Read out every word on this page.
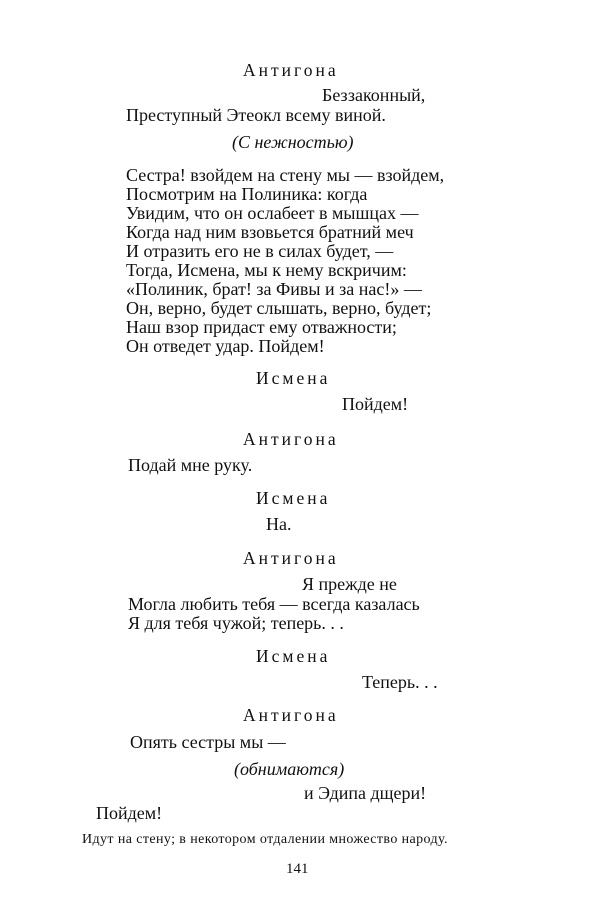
Антигона
Беззаконный,
Преступный Этеокл всему виной.
(С нежностью)
Сестра! взойдем на стену мы — взойдем,
Посмотрим на Полиника: когда
Увидим, что он ослабеет в мышцах —
Когда над ним взовьется братний меч
И отразить его не в силах будет, —
Тогда, Исмена, мы к нему вскричим:
«Полиник, брат! за Фивы и за нас!» —
Он, верно, будет слышать, верно, будет;
Наш взор придаст ему отважности;
Он отведет удар. Пойдем!
Исмена
Пойдем!
Антигона
Подай мне руку.
Исмена
На.
Антигона
Я прежде не
Могла любить тебя — всегда казалась
Я для тебя чужой; теперь. . .
Исмена
Теперь. . .
Антигона
Опять сестры мы —
(обнимаются)
и Эдипа дщери!
Пойдем!
Идут на стену; в некотором отдалении множество народу.
141
